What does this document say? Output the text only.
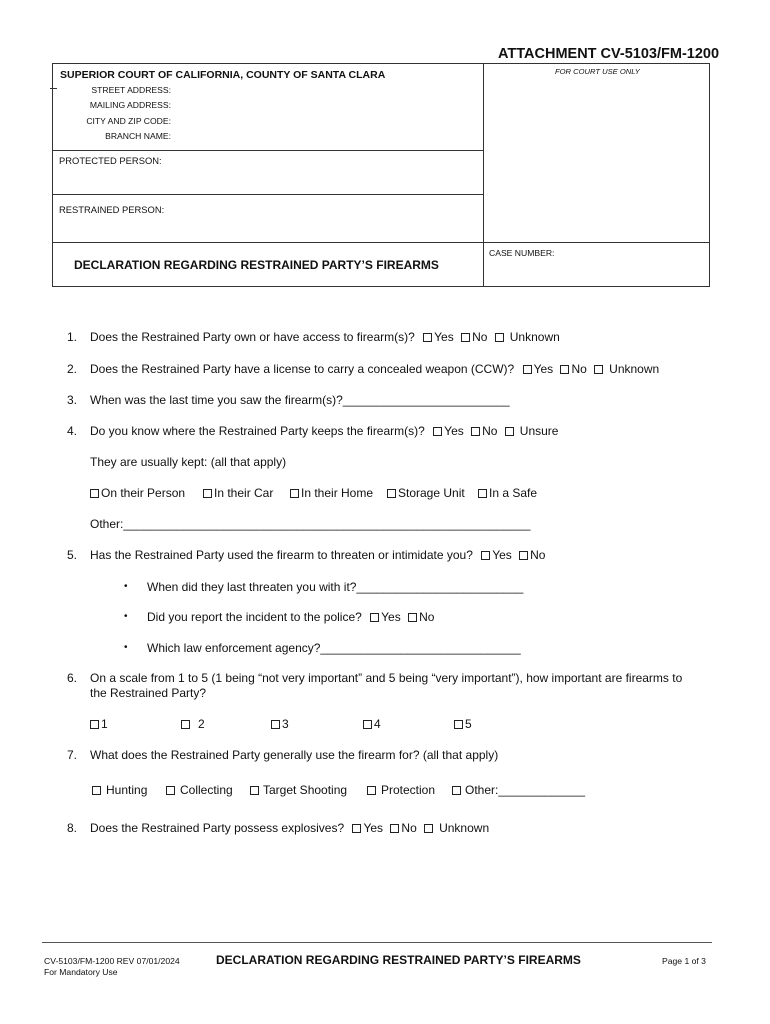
ATTACHMENT CV-5103/FM-1200
SUPERIOR COURT OF CALIFORNIA, COUNTY OF SANTA CLARA
STREET ADDRESS:
MAILING ADDRESS:
CITY AND ZIP CODE:
BRANCH NAME:
FOR COURT USE ONLY
PROTECTED PERSON:
RESTRAINED PERSON:
CASE NUMBER:
DECLARATION REGARDING RESTRAINED PARTY’S FIREARMS
1. Does the Restrained Party own or have access to firearm(s)? Yes No Unknown
2. Does the Restrained Party have a license to carry a concealed weapon (CCW)? Yes No Unknown
3. When was the last time you saw the firearm(s)?_________________________
4. Do you know where the Restrained Party keeps the firearm(s)? Yes No Unsure
They are usually kept: (all that apply)
On their Person	In their Car	In their Home	Storage Unit	In a Safe
Other:_____________________________________________________________
5. Has the Restrained Party used the firearm to threaten or intimidate you? Yes No
• When did they last threaten you with it?_________________________
• Did you report the incident to the police? Yes No
• Which law enforcement agency?______________________________
6. On a scale from 1 to 5 (1 being “not very important” and 5 being “very important”), how important are firearms to
the Restrained Party?
1	2	3	4	5
7. What does the Restrained Party generally use the firearm for? (all that apply)
Hunting	Collecting	Target Shooting	Protection	Other:_____________
8. Does the Restrained Party possess explosives? Yes No Unknown
CV-5103/FM-1200 REV 07/01/2024
For Mandatory Use
DECLARATION REGARDING RESTRAINED PARTY’S FIREARMS	Page 1 of 3
